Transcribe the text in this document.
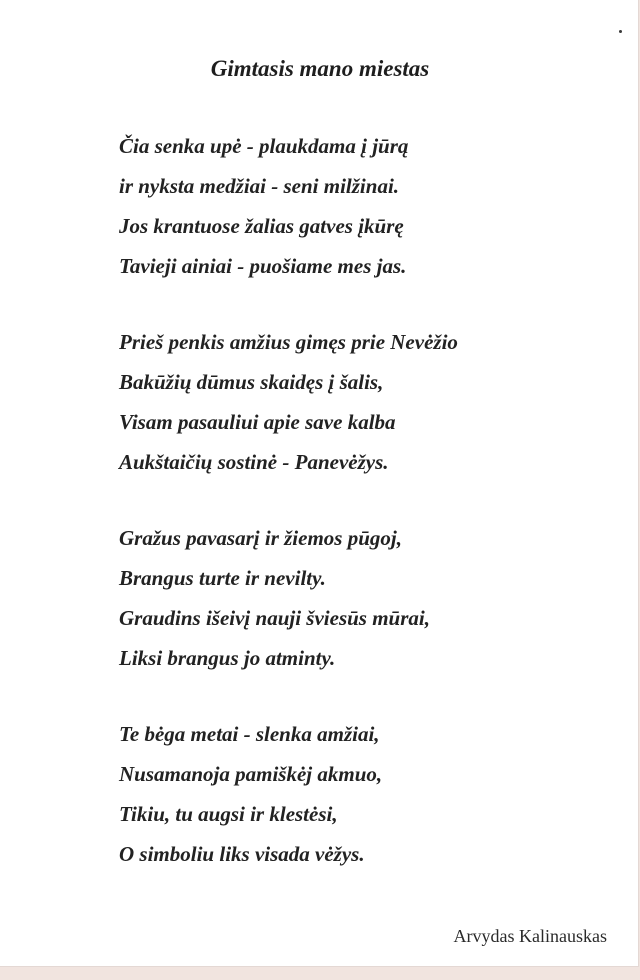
Gimtasis mano miestas
Čia senka upė - plaukdama į jūrą
ir nyksta medžiai - seni milžinai.
Jos krantuose žalias gatves įkūrę
Tavieji ainiai - puošiame mes jas.
Prieš penkis amžius gimęs prie Nevėžio
Bakūžių dūmus skaidęs į šalis,
Visam pasauliui apie save kalba
Aukštaičių sostinė - Panevėžys.
Gražus pavasarį ir žiemos pūgoj,
Brangus turte ir nevilty.
Graudins išeivį nauji šviesūs mūrai,
Liksi brangus jo atminty.
Te bėga metai - slenka amžiai,
Nusamanoja pamiškėj akmuo,
Tikiu, tu augsi ir klestėsi,
O simboliu liks visada vėžys.
Arvydas Kalinauskas
